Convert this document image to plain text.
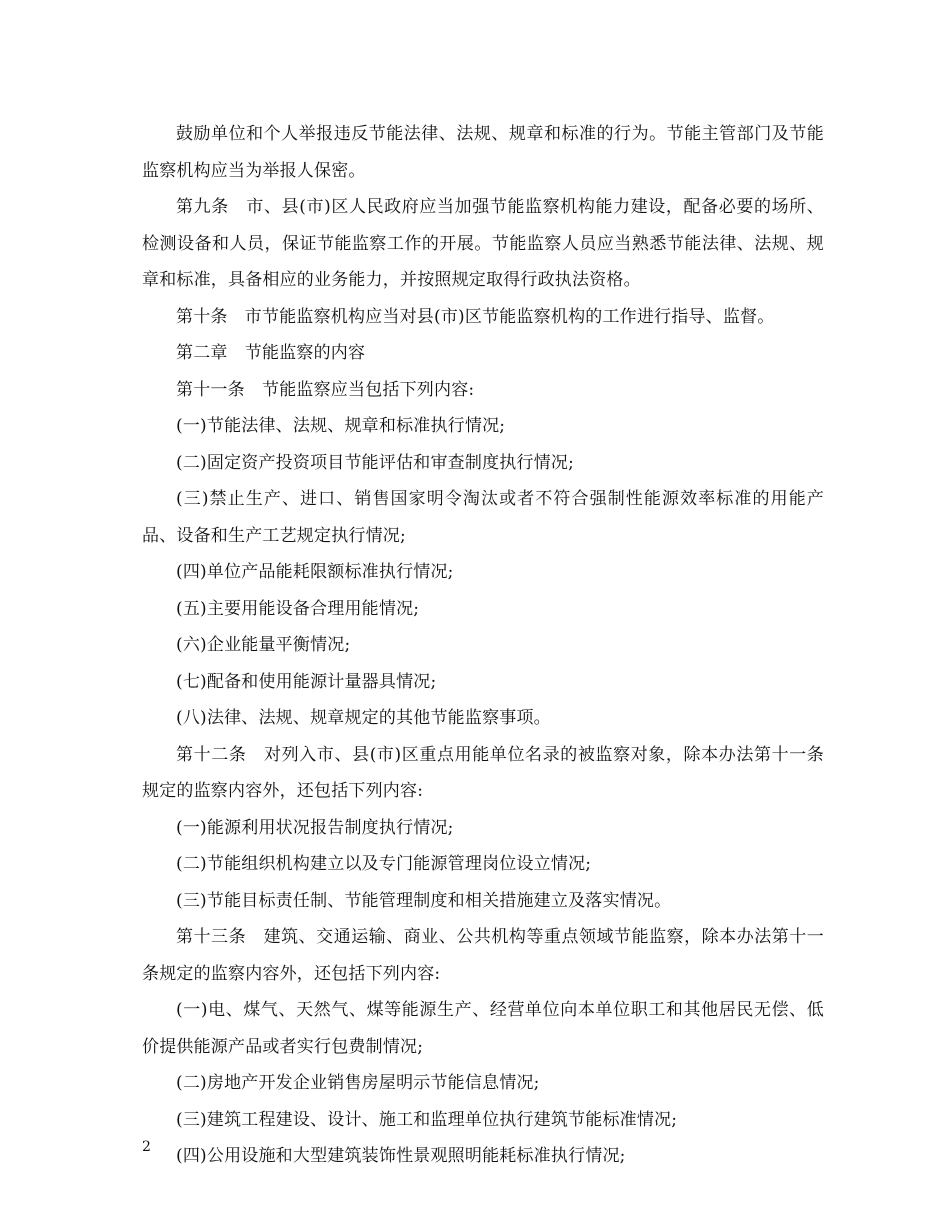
鼓励单位和个人举报违反节能法律、法规、规章和标准的行为。节能主管部门及节能监察机构应当为举报人保密。

第九条　市、县(市)区人民政府应当加强节能监察机构能力建设，配备必要的场所、检测设备和人员，保证节能监察工作的开展。节能监察人员应当熟悉节能法律、法规、规章和标准，具备相应的业务能力，并按照规定取得行政执法资格。

第十条　市节能监察机构应当对县(市)区节能监察机构的工作进行指导、监督。

第二章　节能监察的内容

第十一条　节能监察应当包括下列内容:

(一)节能法律、法规、规章和标准执行情况;

(二)固定资产投资项目节能评估和审查制度执行情况;

(三)禁止生产、进口、销售国家明令淘汰或者不符合强制性能源效率标准的用能产品、设备和生产工艺规定执行情况;

(四)单位产品能耗限额标准执行情况;

(五)主要用能设备合理用能情况;

(六)企业能量平衡情况;

(七)配备和使用能源计量器具情况;

(八)法律、法规、规章规定的其他节能监察事项。

第十二条　对列入市、县(市)区重点用能单位名录的被监察对象，除本办法第十一条规定的监察内容外，还包括下列内容:

(一)能源利用状况报告制度执行情况;

(二)节能组织机构建立以及专门能源管理岗位设立情况;

(三)节能目标责任制、节能管理制度和相关措施建立及落实情况。

第十三条　建筑、交通运输、商业、公共机构等重点领域节能监察，除本办法第十一条规定的监察内容外，还包括下列内容:

(一)电、煤气、天然气、煤等能源生产、经营单位向本单位职工和其他居民无偿、低价提供能源产品或者实行包费制情况;

(二)房地产开发企业销售房屋明示节能信息情况;

(三)建筑工程建设、设计、施工和监理单位执行建筑节能标准情况;

(四)公用设施和大型建筑装饰性景观照明能耗标准执行情况;

2
